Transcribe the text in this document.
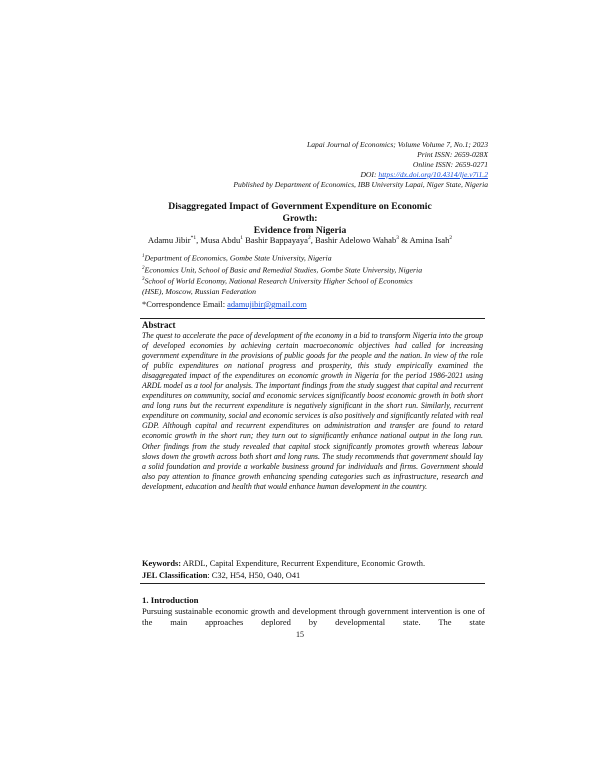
Lapai Journal of Economics; Volume Volume 7, No.1; 2023
Print ISSN: 2659-028X
Online ISSN: 2659-0271
DOI: https://dx.doi.org/10.4314/lje.v7i1.2
Published by Department of Economics, IBB University Lapai, Niger State, Nigeria
Disaggregated Impact of Government Expenditure on Economic Growth:
Evidence from Nigeria
Adamu Jibir$^{*1}$, Musa Abdu$^1$ Bashir Bappayaya$^2$, Bashir Adelowo Wahab$^3$ & Amina Isah$^2$

$^1$Department of Economics, Gombe State University, Nigeria

$^2$Economics Unit, School of Basic and Remedial Studies, Gombe State University, Nigeria

$^3$School of World Economy, National Research University Higher School of Economics

(HSE), Moscow, Russian Federation

*Correspondence Email: adamujibir@gmail.com
Abstract
The quest to accelerate the pace of development of the economy in a bid to transform Nigeria into the group of developed economies by achieving certain macroeconomic objectives had called for increasing government expenditure in the provisions of public goods for the people and the nation. In view of the role of public expenditures on national progress and prosperity, this study empirically examined the disaggregated impact of the expenditures on economic growth in Nigeria for the period 1986-2021 using ARDL model as a tool for analysis. The important findings from the study suggest that capital and recurrent expenditures on community, social and economic services significantly boost economic growth in both short and long runs but the recurrent expenditure is negatively significant in the short run. Similarly, recurrent expenditure on community, social and economic services is also positively and significantly related with real GDP. Although capital and recurrent expenditures on administration and transfer are found to retard economic growth in the short run; they turn out to significantly enhance national output in the long run. Other findings from the study revealed that capital stock significantly promotes growth whereas labour slows down the growth across both short and long runs. The study recommends that government should lay a solid foundation and provide a workable business ground for individuals and firms. Government should also pay attention to finance growth enhancing spending categories such as infrastructure, research and development, education and health that would enhance human development in the country.
Keywords: ARDL, Capital Expenditure, Recurrent Expenditure, Economic Growth.
JEL Classification: C32, H54, H50, O40, O41
1. Introduction
Pursuing sustainable economic growth and development through government intervention is one of the main approaches deplored by developmental state. The state
15
